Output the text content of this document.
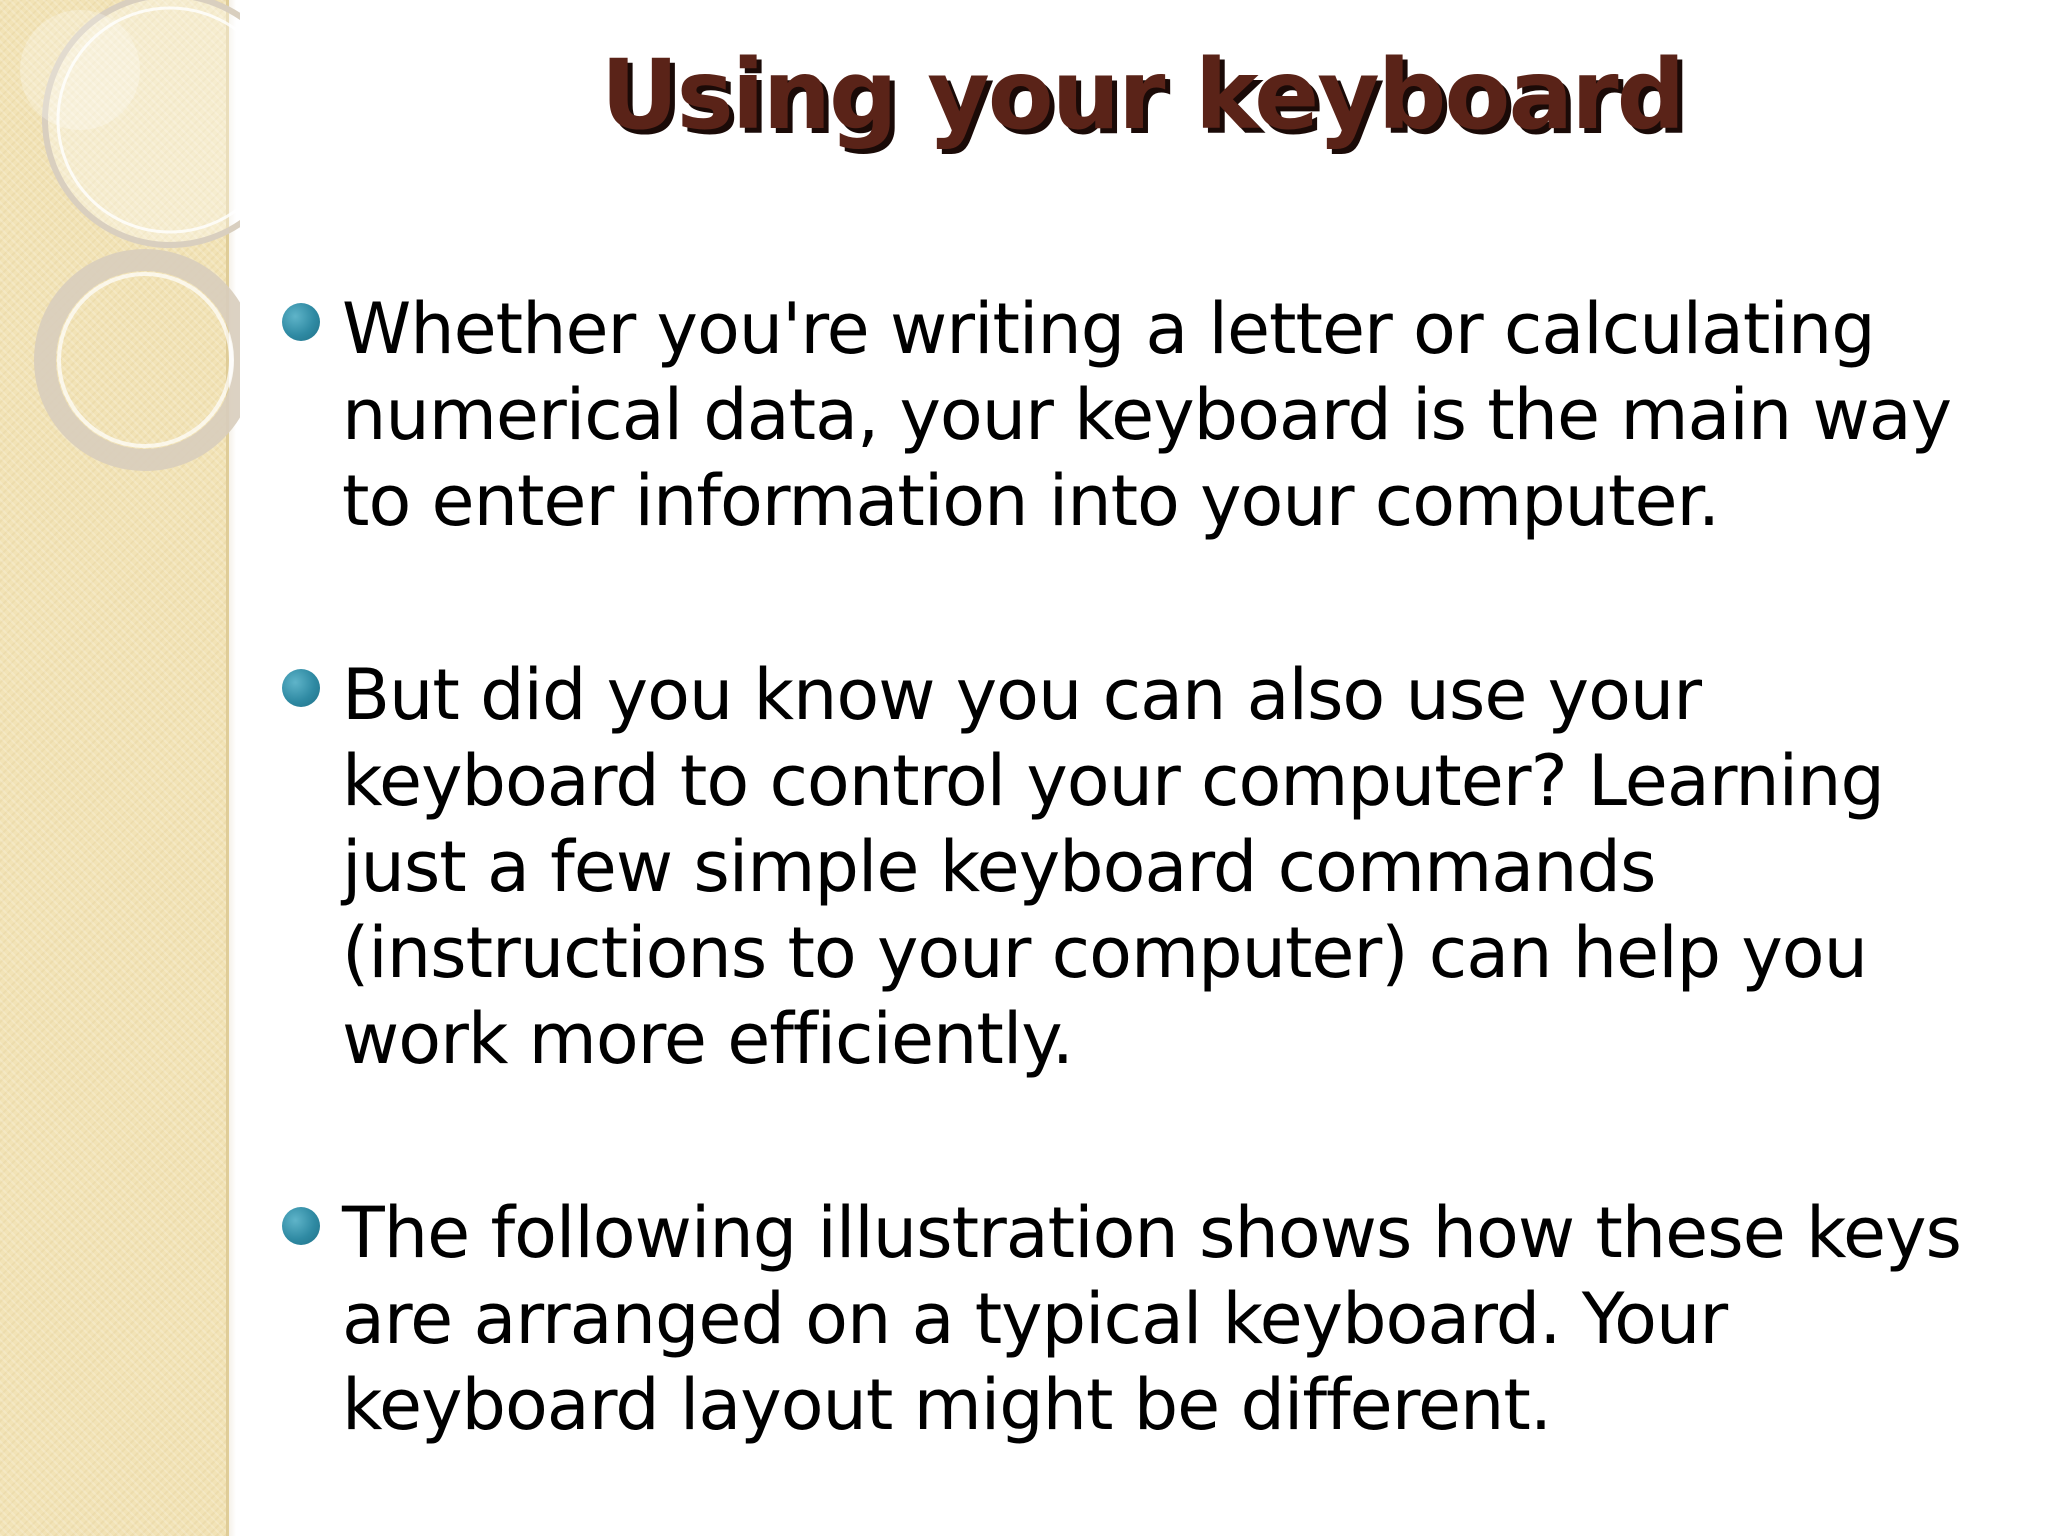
Using your keyboard
Whether you're writing a letter or calculating numerical data, your keyboard is the main way to enter information into your computer.
But did you know you can also use your keyboard to control your computer? Learning just a few simple keyboard commands (instructions to your computer) can help you work more efficiently.
The following illustration shows how these keys are arranged on a typical keyboard. Your keyboard layout might be different.
